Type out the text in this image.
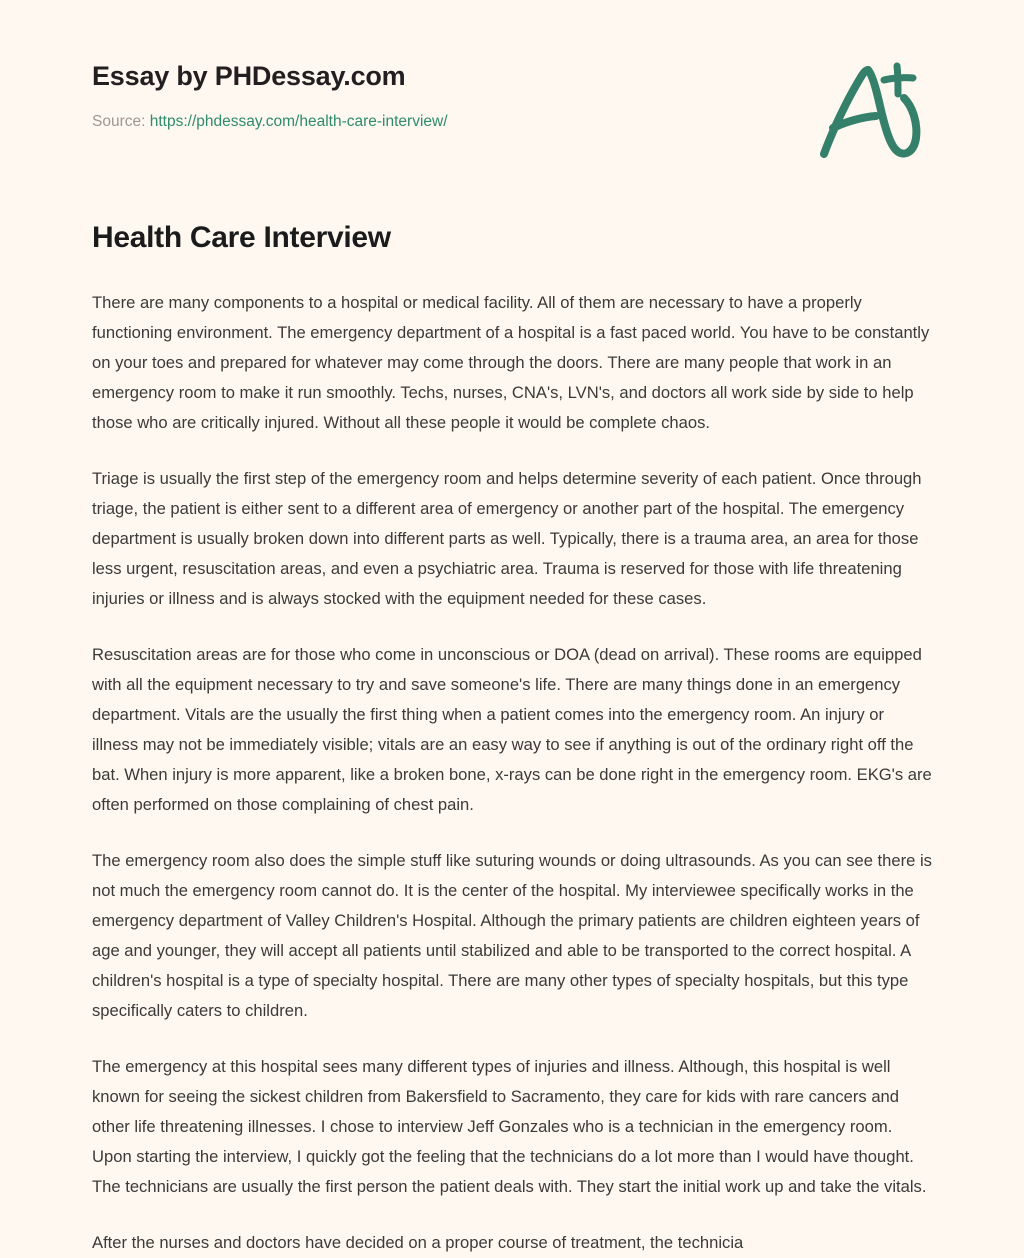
Essay by PHDessay.com
Source: https://phdessay.com/health-care-interview/
Health Care Interview

There are many components to a hospital or medical facility. All of them are necessary to have a properly functioning environment. The emergency department of a hospital is a fast paced world. You have to be constantly on your toes and prepared for whatever may come through the doors. There are many people that work in an emergency room to make it run smoothly. Techs, nurses, CNA's, LVN's, and doctors all work side by side to help those who are critically injured. Without all these people it would be complete chaos.

Triage is usually the first step of the emergency room and helps determine severity of each patient. Once through triage, the patient is either sent to a different area of emergency or another part of the hospital. The emergency department is usually broken down into different parts as well. Typically, there is a trauma area, an area for those less urgent, resuscitation areas, and even a psychiatric area. Trauma is reserved for those with life threatening injuries or illness and is always stocked with the equipment needed for these cases.

Resuscitation areas are for those who come in unconscious or DOA (dead on arrival). These rooms are equipped with all the equipment necessary to try and save someone's life. There are many things done in an emergency department. Vitals are the usually the first thing when a patient comes into the emergency room. An injury or illness may not be immediately visible; vitals are an easy way to see if anything is out of the ordinary right off the bat. When injury is more apparent, like a broken bone, x-rays can be done right in the emergency room. EKG's are often performed on those complaining of chest pain.

The emergency room also does the simple stuff like suturing wounds or doing ultrasounds. As you can see there is not much the emergency room cannot do. It is the center of the hospital. My interviewee specifically works in the emergency department of Valley Children's Hospital. Although the primary patients are children eighteen years of age and younger, they will accept all patients until stabilized and able to be transported to the correct hospital. A children's hospital is a type of specialty hospital. There are many other types of specialty hospitals, but this type specifically caters to children.

The emergency at this hospital sees many different types of injuries and illness. Although, this hospital is well known for seeing the sickest children from Bakersfield to Sacramento, they care for kids with rare cancers and other life threatening illnesses. I chose to interview Jeff Gonzales who is a technician in the emergency room. Upon starting the interview, I quickly got the feeling that the technicians do a lot more than I would have thought. The technicians are usually the first person the patient deals with. They start the initial work up and take the vitals.

After the nurses and doctors have decided on a proper course of treatment, the technicia
